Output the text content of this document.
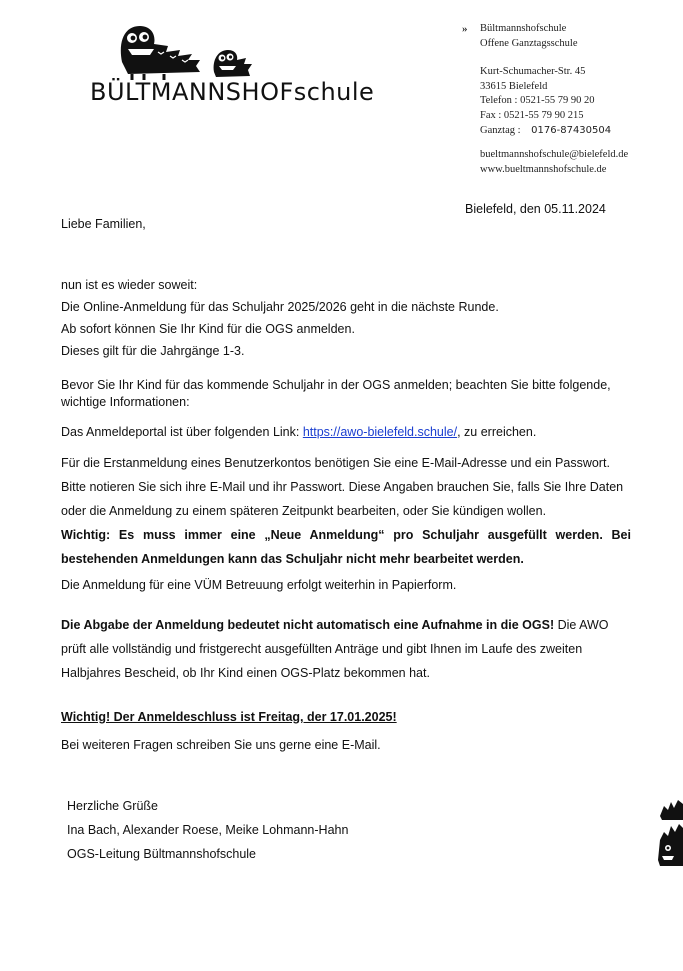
BÜLTMANNSHOFschule
»	Bültmannshofschule
Offene Ganztagsschule
Kurt-Schumacher-Str. 45
33615 Bielefeld
Telefon : 0521-55 79 90 20
Fax : 0521-55 79 90 215
Ganztag : 0176-87430504
bueltmannshofschule@bielefeld.de
www.bueltmannshofschule.de
Bielefeld, den 05.11.2024
Liebe Familien,

nun ist es wieder soweit:

Die Online-Anmeldung für das Schuljahr 2025/2026 geht in die nächste Runde.

Ab sofort können Sie Ihr Kind für die OGS anmelden.

Dieses gilt für die Jahrgänge 1-3.

Bevor Sie Ihr Kind für das kommende Schuljahr in der OGS anmelden; beachten Sie bitte folgende, wichtige Informationen:
Das Anmeldeportal ist über folgenden Link: https://awo-bielefeld.schule/, zu erreichen.

Für die Erstanmeldung eines Benutzerkontos benötigen Sie eine E-Mail-Adresse und ein Passwort.

Bitte notieren Sie sich ihre E-Mail und ihr Passwort. Diese Angaben brauchen Sie, falls Sie Ihre Daten

oder die Anmeldung zu einem späteren Zeitpunkt bearbeiten, oder Sie kündigen wollen.

Wichtig: Es muss immer eine „Neue Anmeldung“ pro Schuljahr ausgefüllt werden. Bei bestehenden Anmeldungen kann das Schuljahr nicht mehr bearbeitet werden.

Die Anmeldung für eine VÜM Betreuung erfolgt weiterhin in Papierform.

Die Abgabe der Anmeldung bedeutet nicht automatisch eine Aufnahme in die OGS! Die AWO

prüft alle vollständig und fristgerecht ausgefüllten Anträge und gibt Ihnen im Laufe des zweiten

Halbjahres Bescheid, ob Ihr Kind einen OGS-Platz bekommen hat.

Wichtig! Der Anmeldeschluss ist Freitag, der 17.01.2025!
Bei weiteren Fragen schreiben Sie uns gerne eine E-Mail.

Herzliche Grüße

Ina Bach, Alexander Roese, Meike Lohmann-Hahn

OGS-Leitung Bültmannshofschule
